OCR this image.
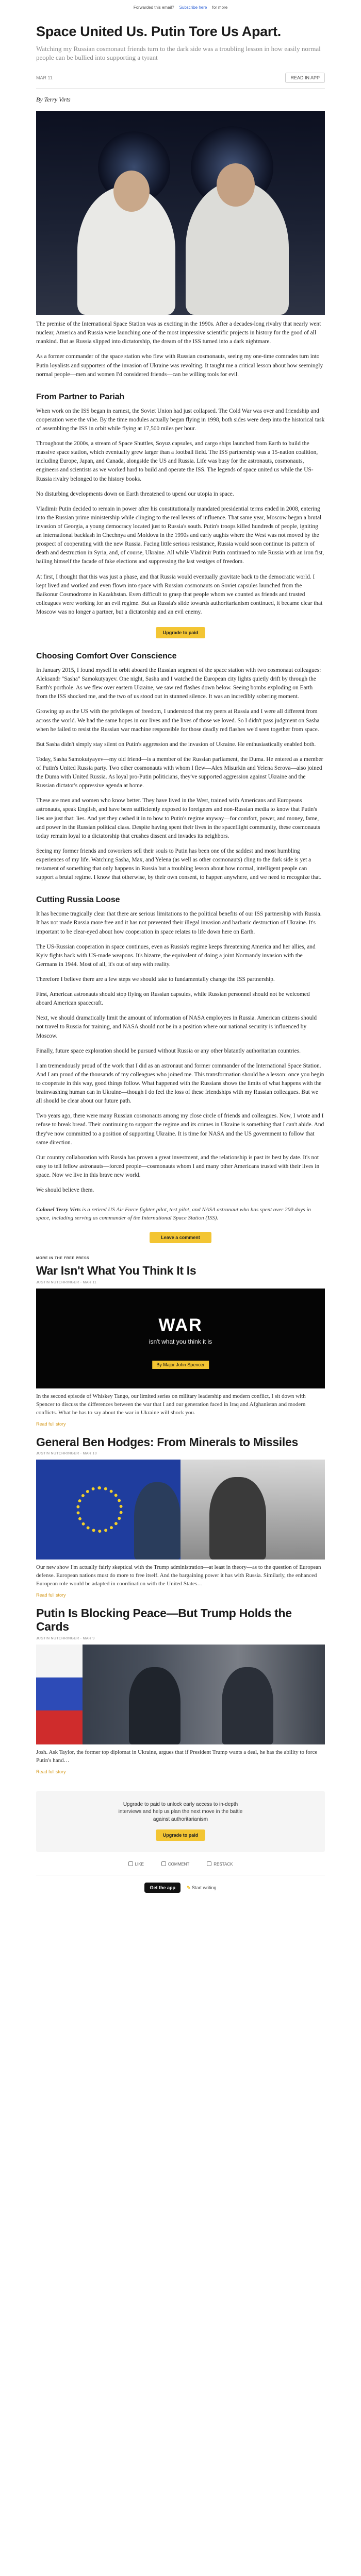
Forwarded this email? Subscribe here for more
Space United Us. Putin Tore Us Apart.
Watching my Russian cosmonaut friends turn to the dark side was a troubling lesson in how easily normal people can be bullied into supporting a tyrant
MAR 11	READ IN APP
By Terry Virts

The premise of the International Space Station was as exciting in the 1990s. After a decades-long rivalry that nearly went nuclear, America and Russia were launching one of the most impressive scientific projects in history for the good of all mankind. But as Russia slipped into dictatorship, the dream of the ISS turned into a dark nightmare.

As a former commander of the space station who flew with Russian cosmonauts, seeing my one-time comrades turn into Putin loyalists and supporters of the invasion of Ukraine was revolting. It taught me a critical lesson about how seemingly normal people—men and women I'd considered friends—can be willing tools for evil.

From Partner to Pariah

When work on the ISS began in earnest, the Soviet Union had just collapsed. The Cold War was over and friendship and cooperation were the vibe. By the time modules actually began flying in 1998, both sides were deep into the historical task of assembling the ISS in orbit while flying at 17,500 miles per hour.

Throughout the 2000s, a stream of Space Shuttles, Soyuz capsules, and cargo ships launched from Earth to build the massive space station, which eventually grew larger than a football field. The ISS partnership was a 15-nation coalition, including Europe, Japan, and Canada, alongside the US and Russia. Life was busy for the astronauts, cosmonauts, engineers and scientists as we worked hard to build and operate the ISS. The legends of space united us while the US-Russia rivalry belonged to the history books.

No disturbing developments down on Earth threatened to upend our utopia in space.

Vladimir Putin decided to remain in power after his constitutionally mandated presidential terms ended in 2008, entering into the Russian prime ministership while clinging to the real levers of influence. That same year, Moscow began a brutal invasion of Georgia, a young democracy located just to Russia's south. Putin's troops killed hundreds of people, igniting an international backlash in Chechnya and Moldova in the 1990s and early aughts where the West was not moved by the prospect of cooperating with the new Russia. Facing little serious resistance, Russia would soon continue its pattern of death and destruction in Syria, and, of course, Ukraine. All while Vladimir Putin continued to rule Russia with an iron fist, hailing himself the facade of fake elections and suppressing the last vestiges of freedom.

At first, I thought that this was just a phase, and that Russia would eventually gravitate back to the democratic world. I kept lived and worked and even flown into space with Russian cosmonauts on Soviet capsules launched from the Baikonur Cosmodrome in Kazakhstan. Even difficult to grasp that people whom we counted as friends and trusted colleagues were working for an evil regime. But as Russia's slide towards authoritarianism continued, it became clear that Moscow was no longer a partner, but a dictatorship and an evil enemy.

Upgrade to paid
Choosing Comfort Over Conscience

In January 2015, I found myself in orbit aboard the Russian segment of the space station with two cosmonaut colleagues: Aleksandr "Sasha" Samokutyayev. One night, Sasha and I watched the European city lights quietly drift by through the Earth's porthole. As we flew over eastern Ukraine, we saw red flashes down below. Seeing bombs exploding on Earth from the ISS shocked me, and the two of us stood out in stunned silence. It was an incredibly sobering moment.

Growing up as the US with the privileges of freedom, I understood that my peers at Russia and I were all different from across the world. We had the same hopes in our lives and the lives of those we loved. So I didn't pass judgment on Sasha when he failed to resist the Russian war machine responsible for those deadly red flashes we'd seen together from space.

But Sasha didn't simply stay silent on Putin's aggression and the invasion of Ukraine. He enthusiastically enabled both.

Today, Sasha Samokutyayev—my old friend—is a member of the Russian parliament, the Duma. He entered as a member of Putin's United Russia party. Two other cosmonauts with whom I flew—Alex Misurkin and Yelena Serova—also joined the Duma with United Russia. As loyal pro-Putin politicians, they've supported aggression against Ukraine and the Russian dictator's oppressive agenda at home.

These are men and women who know better. They have lived in the West, trained with Americans and Europeans astronauts, speak English, and have been sufficiently exposed to foreigners and non-Russian media to know that Putin's lies are just that: lies. And yet they cashed it in to bow to Putin's regime anyway—for comfort, power, and money, fame, and power in the Russian political class. Despite having spent their lives in the spaceflight community, these cosmonauts today remain loyal to a dictatorship that crushes dissent and invades its neighbors.

Seeing my former friends and coworkers sell their souls to Putin has been one of the saddest and most humbling experiences of my life. Watching Sasha, Max, and Yelena (as well as other cosmonauts) cling to the dark side is yet a testament of something that only happens in Russia but a troubling lesson about how normal, intelligent people can support a brutal regime. I know that otherwise, by their own consent, to happen anywhere, and we need to recognize that.

Cutting Russia Loose

It has become tragically clear that there are serious limitations to the political benefits of our ISS partnership with Russia. It has not made Russia more free and it has not prevented their illegal invasion and barbaric destruction of Ukraine. It's important to be clear-eyed about how cooperation in space relates to life down here on Earth.

The US-Russian cooperation in space continues, even as Russia's regime keeps threatening America and her allies, and Kyiv fights back with US-made weapons. It's bizarre, the equivalent of doing a joint Normandy invasion with the Germans in 1944. Most of all, it's out of step with reality.

Therefore I believe there are a few steps we should take to fundamentally change the ISS partnership.

First, American astronauts should stop flying on Russian capsules, while Russian personnel should not be welcomed aboard American spacecraft.

Next, we should dramatically limit the amount of information of NASA employees in Russia. American citizens should not travel to Russia for training, and NASA should not be in a position where our national security is influenced by Moscow.

Finally, future space exploration should be pursued without Russia or any other blatantly authoritarian countries.

I am tremendously proud of the work that I did as an astronaut and former commander of the International Space Station. And I am proud of the thousands of my colleagues who joined me. This transformation should be a lesson: once you begin to cooperate in this way, good things follow. What happened with the Russians shows the limits of what happens with the brainwashing human can in Ukraine—though I do feel the loss of these friendships with my Russian colleagues. But we all should be clear about our future path.

Two years ago, there were many Russian cosmonauts among my close circle of friends and colleagues. Now, I wrote and I refuse to break bread. Their continuing to support the regime and its crimes in Ukraine is something that I can't abide. And they've now committed to a position of supporting Ukraine. It is time for NASA and the US government to follow that same direction.

Our country collaboration with Russia has proven a great investment, and the relationship is past its best by date. It's not easy to tell fellow astronauts—forced people—cosmonauts whom I and many other Americans trusted with their lives in space. Now we live in this brave new world.

We should believe them.

Colonel Terry Virts is a retired US Air Force fighter pilot, test pilot, and NASA astronaut who has spent over 200 days in space, including serving as commander of the International Space Station (ISS).

Leave a comment
MORE IN THE FREE PRESS
War Isn't What You Think It Is
JUSTIN NUTCHRINGER · MAR 11
WAR
isn't what you think it is
By Major John Spencer
In the second episode of Whiskey Tango, our limited series on military leadership and modern conflict, I sit down with Spencer to discuss the differences between the war that I and our generation faced in Iraq and Afghanistan and modern conflicts. What he has to say about the war in Ukraine will shock you.
Read full story
General Ben Hodges: From Minerals to Missiles
JUSTIN NUTCHRINGER · MAR 10
Our new show I'm actually fairly skeptical with the Trump administration—at least in theory—as to the question of European defense. European nations must do more to free itself. And the bargaining power it has with Russia. Similarly, the enhanced European role would be adapted in coordination with the United States…
Read full story
Putin Is Blocking Peace—But Trump Holds the Cards
JUSTIN NUTCHRINGER · MAR 9
Josh. Ask Taylor, the former top diplomat in Ukraine, argues that if President Trump wants a deal, he has the ability to force Putin's hand…
Read full story
Upgrade to paid to unlock early access to in-depth interviews and help us plan the next move in the battle against authoritarianism
Upgrade to paid
LIKE	COMMENT	RESTACK
Get the app	✎ Start writing
